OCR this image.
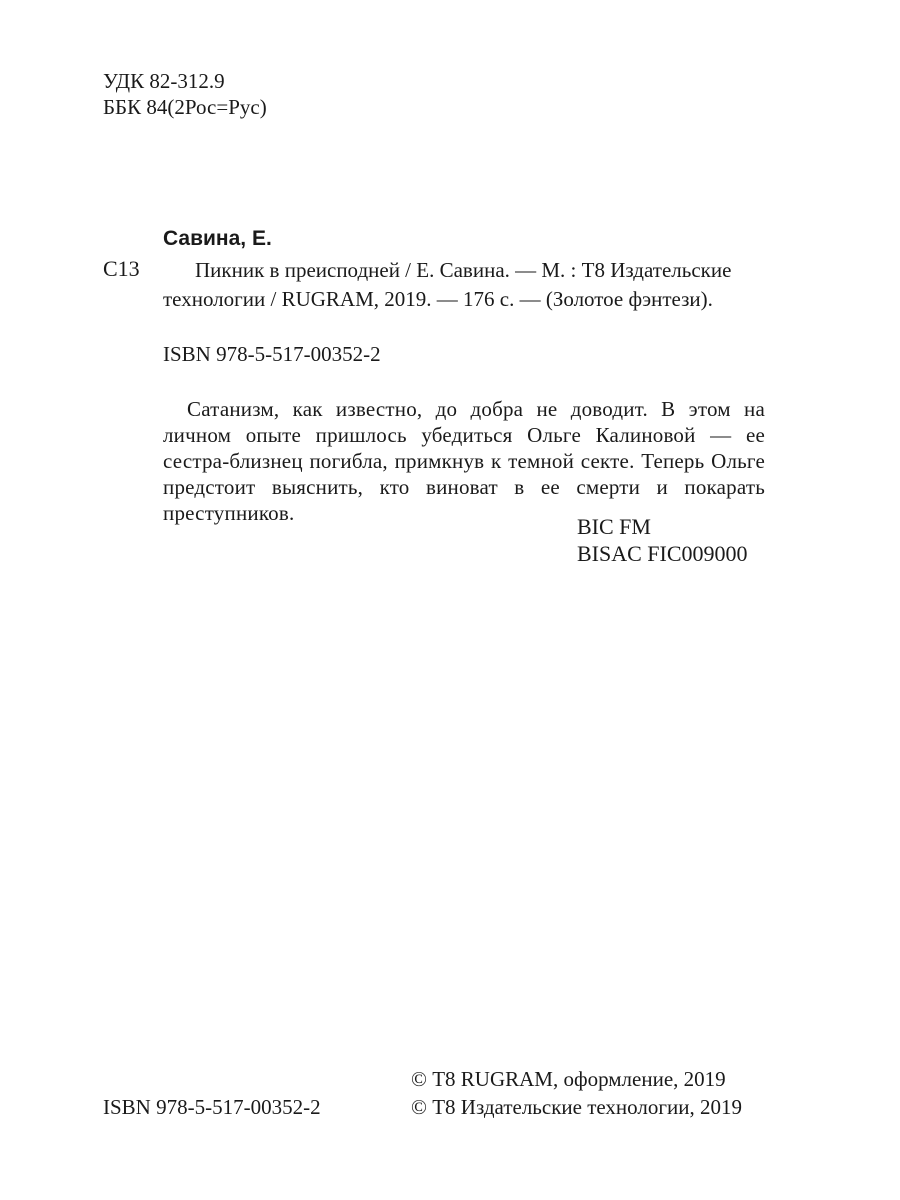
УДК 82-312.9
ББК 84(2Рос=Рус)
Савина, Е.
С13	Пикник в преисподней / Е. Савина. — М. : Т8 Издательские
технологии / RUGRAM, 2019. — 176 с. — (Золотое фэнтези).
ISBN 978-5-517-00352-2
Сатанизм, как известно, до добра не доводит. В этом на личном опыте пришлось убедиться Ольге Калиновой — ее сестра-близнец погибла, примкнув к темной секте. Теперь Ольге предстоит выяснить, кто виноват в ее смерти и покарать преступников.
BIC FM
BISAC FIC009000
© Т8 RUGRAM, оформление, 2019
ISBN 978-5-517-00352-2	© Т8 Издательские технологии, 2019
